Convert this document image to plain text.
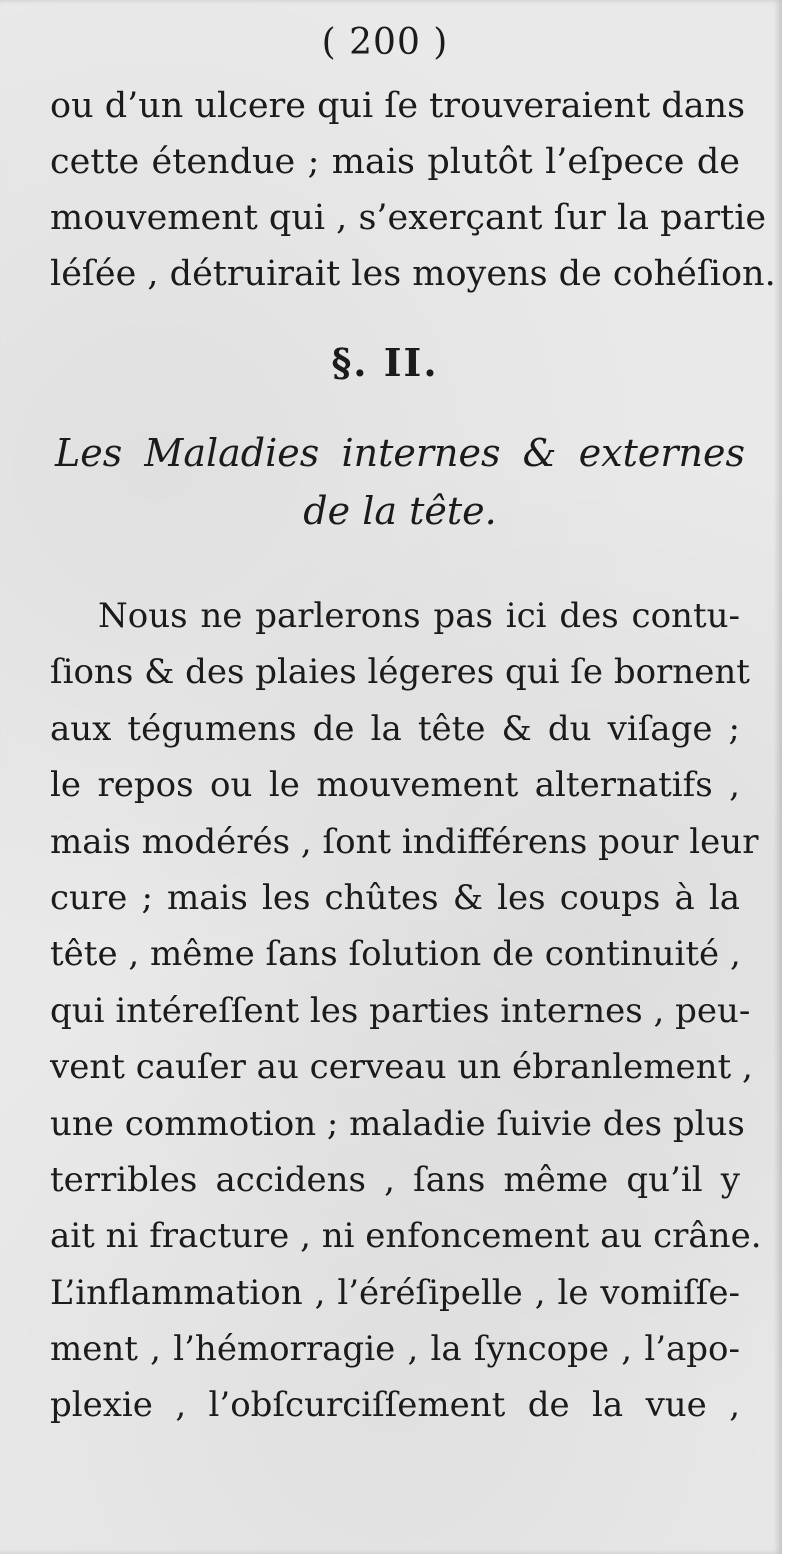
( 200 )
ou d’un ulcere qui ſe trouveraient dans
cette étendue ; mais plutôt l’eſpece de
mouvement qui , s’exerçant ſur la partie
léſée , détruirait les moyens de cohéſion.
§. II.
Les Maladies internes & externes
de la tête.
Nous ne parlerons pas ici des contu-
ſions & des plaies légeres qui ſe bornent
aux tégumens de la tête & du viſage ;
le repos ou le mouvement alternatifs ,
mais modérés , ſont indifférens pour leur
cure ; mais les chûtes & les coups à la
tête , même ſans ſolution de continuité ,
qui intéreſſent les parties internes , peu-
vent cauſer au cerveau un ébranlement ,
une commotion ; maladie ſuivie des plus
terribles accidens , ſans même qu’il y
ait ni fracture , ni enfoncement au crâne.
L’inflammation , l’éréſipelle , le vomiſſe-
ment , l’hémorragie , la ſyncope , l’apo-
plexie , l’obſcurciſſement de la vue ,
